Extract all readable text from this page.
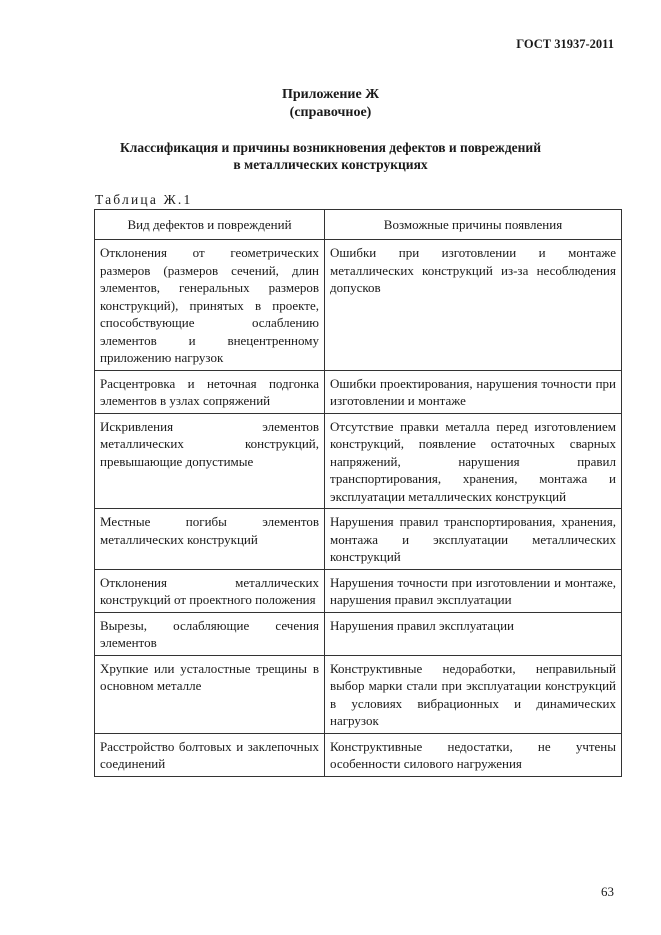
ГОСТ 31937-2011
Приложение Ж
(справочное)
Классификация и причины возникновения дефектов и повреждений
в металлических конструкциях
Таблица Ж.1
Вид дефектов и повреждений	Возможные причины появления
Отклонения от геометрических размеров (размеров сечений, длин элементов, генеральных размеров конструкций), принятых в проекте, способствующие ослаблению элементов и внецентренному приложению нагрузок	Ошибки при изготовлении и монтаже металлических конструкций из-за несоблюдения допусков
Расцентровка и неточная подгонка элементов в узлах сопряжений	Ошибки проектирования, нарушения точности при изготовлении и монтаже
Искривления элементов металлических конструкций, превышающие допустимые	Отсутствие правки металла перед изготовлением конструкций, появление остаточных сварных напряжений, нарушения правил транспортирования, хранения, монтажа и эксплуатации металлических конструкций
Местные погибы элементов металлических конструкций	Нарушения правил транспортирования, хранения, монтажа и эксплуатации металлических конструкций
Отклонения металлических конструкций от проектного положения	Нарушения точности при изготовлении и монтаже, нарушения правил эксплуатации
Вырезы, ослабляющие сечения элементов	Нарушения правил эксплуатации
Хрупкие или усталостные трещины в основном металле	Конструктивные недоработки, неправильный выбор марки стали при эксплуатации конструкций в условиях вибрационных и динамических нагрузок
Расстройство болтовых и заклепочных соединений	Конструктивные недостатки, не учтены особенности силового нагружения
63
